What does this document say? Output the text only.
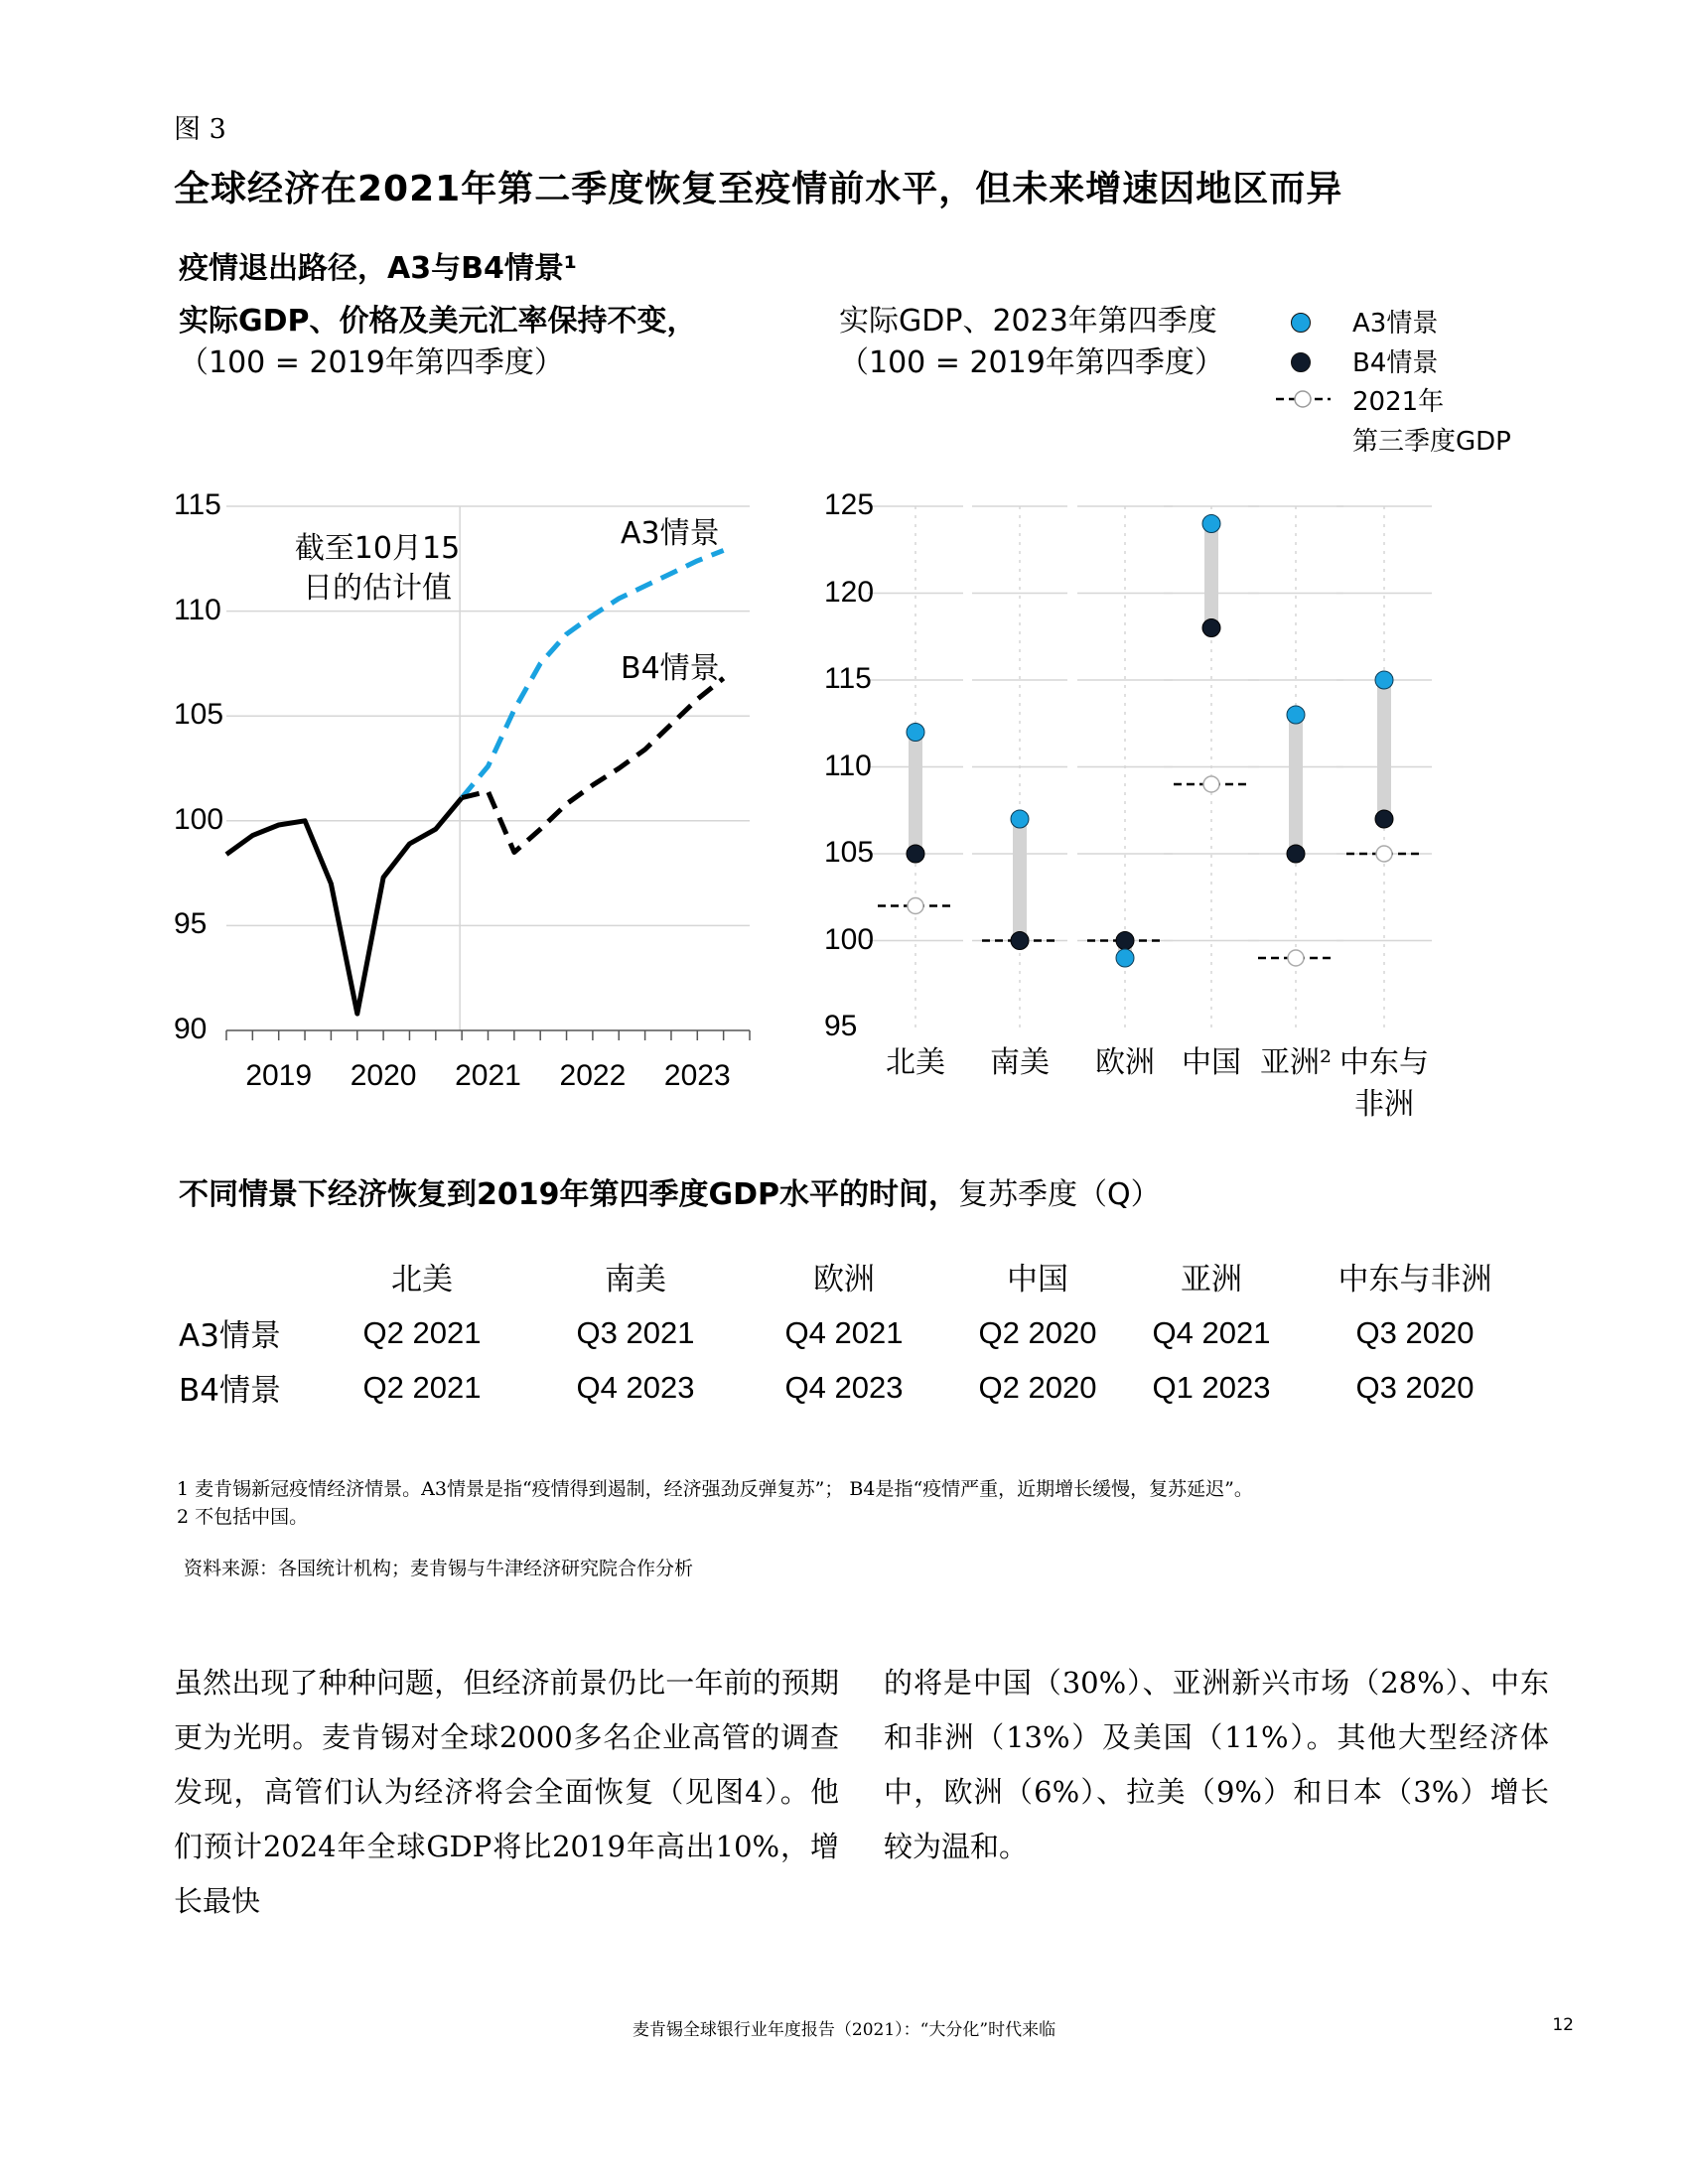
图 3
全球经济在2021年第二季度恢复至疫情前水平，但未来增速因地区而异
疫情退出路径，A3与B4情景¹
实际GDP、价格及美元汇率保持不变，
（100 = 2019年第四季度）
实际GDP、2023年第四季度
（100 = 2019年第四季度）
A3情景
B4情景
2021年
第三季度GDP
截至10月15
日的估计值
A3情景
B4情景
115
110
105
100
95
90
2019 2020 2021 2022 2023
125
120
115
110
105
100
95
北美	南美	欧洲 中国 亚洲² 中东与
非洲
不同情景下经济恢复到2019年第四季度GDP水平的时间，复苏季度（Q）
	北美	南美	欧洲	中国	亚洲	中东与非洲
A3情景	Q2 2021	Q3 2021	Q4 2021	Q2 2020	Q4 2021	Q3 2020
B4情景	Q2 2021	Q4 2023	Q4 2023	Q2 2020	Q1 2023	Q3 2020
1 麦肯锡新冠疫情经济情景。A3情景是指“疫情得到遏制，经济强劲反弹复苏”； B4是指“疫情严重，近期增长缓慢，复苏延迟”。
2 不包括中国。
资料来源：各国统计机构；麦肯锡与牛津经济研究院合作分析
虽然出现了种种问题，但经济前景仍比一年前的预期更为光明。麦肯锡对全球2000多名企业高管的调查发现，高管们认为经济将会全面恢复（见图4）。他们预计2024年全球GDP将比2019年高出10%，增长最快
的将是中国（30%）、亚洲新兴市场（28%）、中东和非洲（13%）及美国（11%）。其他大型经济体中，欧洲（6%）、拉美（9%）和日本（3%）增长较为温和。
麦肯锡全球银行业年度报告（2021）：“大分化”时代来临	12
